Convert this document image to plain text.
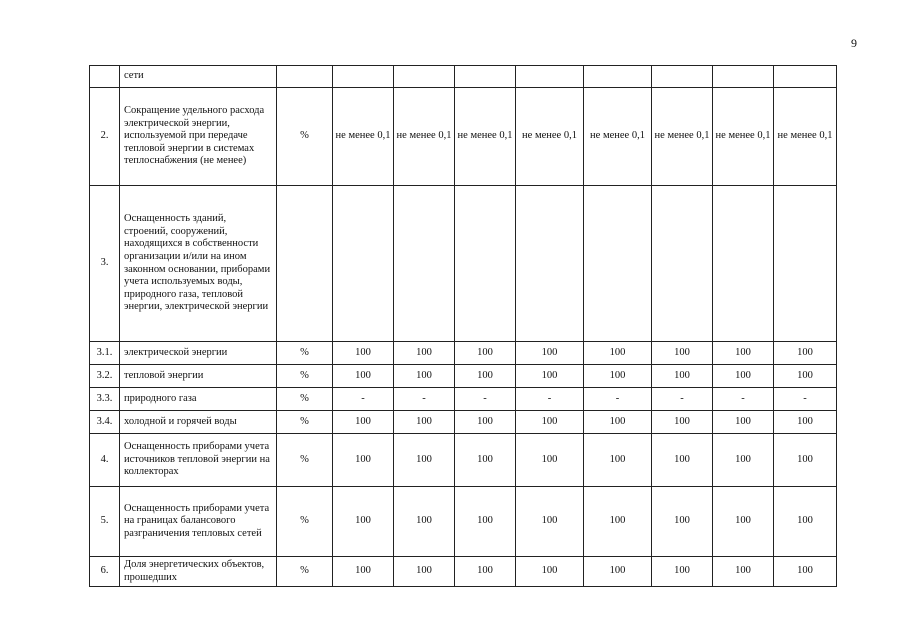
9
	сети									
2.	Сокращение удельного расхода электрической энергии, используемой при передаче тепловой энергии в системах теплоснабжения (не менее)	%	не менее 0,1	не менее 0,1	не менее 0,1	не менее 0,1	не менее 0,1	не менее 0,1	не менее 0,1	не менее 0,1
3.	Оснащенность зданий, строений, сооружений, находящихся в собственности организации и/или на ином законном основании, приборами учета используемых воды, природного газа, тепловой энергии, электрической энергии									
3.1.	электрической энергии	%	100	100	100	100	100	100	100	100
3.2.	тепловой энергии	%	100	100	100	100	100	100	100	100
3.3.	природного газа	%	-	-	-	-	-	-	-	-
3.4.	холодной и горячей воды	%	100	100	100	100	100	100	100	100
4.	Оснащенность приборами учета источников тепловой энергии на коллекторах	%	100	100	100	100	100	100	100	100
5.	Оснащенность приборами учета на границах балансового разграничения тепловых сетей	%	100	100	100	100	100	100	100	100
6.	Доля энергетических объектов, прошедших	%	100	100	100	100	100	100	100	100
